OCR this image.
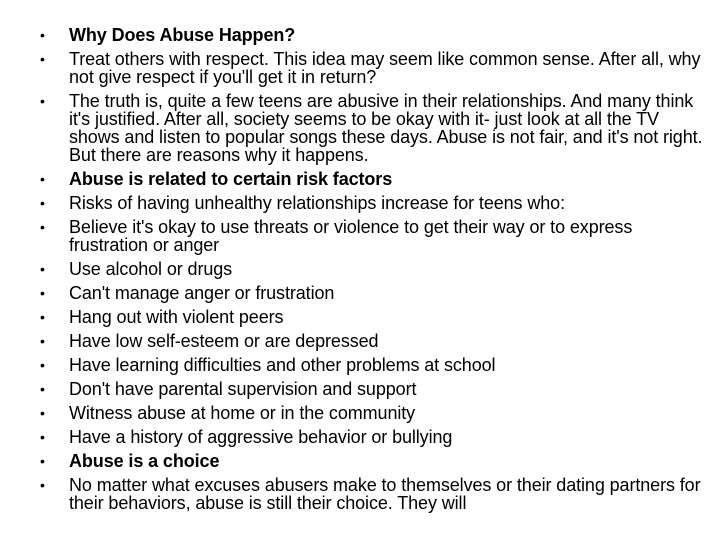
• Why Does Abuse Happen?
• Treat others with respect. This idea may seem like common sense. After all, why not give respect if you'll get it in return?
• The truth is, quite a few teens are abusive in their relationships. And many think it's justified. After all, society seems to be okay with it- just look at all the TV shows and listen to popular songs these days. Abuse is not fair, and it's not right. But there are reasons why it happens.
• Abuse is related to certain risk factors
• Risks of having unhealthy relationships increase for teens who:
• Believe it's okay to use threats or violence to get their way or to express frustration or anger
• Use alcohol or drugs
• Can't manage anger or frustration
• Hang out with violent peers
• Have low self-esteem or are depressed
• Have learning difficulties and other problems at school
• Don't have parental supervision and support
• Witness abuse at home or in the community
• Have a history of aggressive behavior or bullying
• Abuse is a choice
• No matter what excuses abusers make to themselves or their dating partners for their behaviors, abuse is still their choice. They will
